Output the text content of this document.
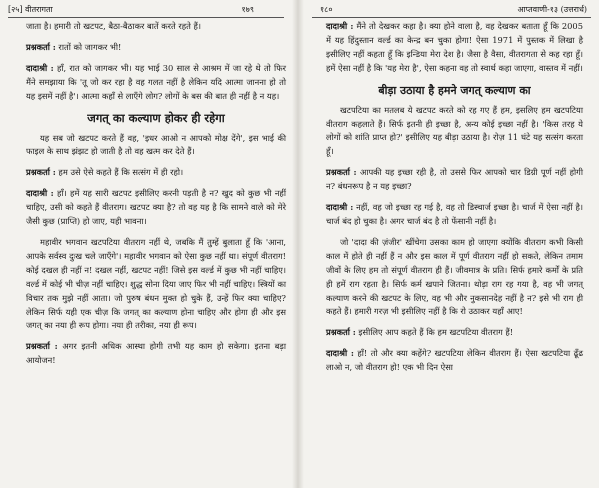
[२५] वीतरागता	१७९

जाता है। हमारी तो खटपट, बैठा-बैठाकर बातें करते रहते हैं।

प्रश्नकर्ता : रातों को जागकर भी!

दादाश्री : हाँ, रात को जागकर भी। यह भाई 30 साल से आश्रम में जा रहे थे तो फिर मैंने समझाया कि 'तू जो कर रहा है वह गलत नहीं है लेकिन यदि आत्मा जानना हो तो यह इसमें नहीं है'। आत्मा कहाँ से लाएँगे लोग? लोगों के बस की बात ही नहीं है न यह।

जगत् का कल्याण होकर ही रहेगा

यह सब जो खटपट करते हैं वह, 'इधर आओ न आपको मोक्ष देंगे', इस भाई की फाइल के साथ झंझट हो जाती है तो वह खत्म कर देते हैं।

प्रश्नकर्ता : हम उसे ऐसे कहते हैं कि सत्संग में ही रहो।

दादाश्री : हाँ। हमें यह सारी खटपट इसीलिए करनी पड़ती है न? खुद को कुछ भी नहीं चाहिए, उसी को कहते हैं वीतराग। खटपट क्या है? तो वह यह है कि सामने वाले को मेरे जैसी कुछ (प्राप्ति) हो जाए, यही भावना।

महावीर भगवान खटपटिया वीतराग नहीं थे, जबकि मैं तुम्हें बुलाता हूँ कि 'आना, आपके सर्वस्व दुःख चले जाएँगे'। महावीर भगवान को ऐसा कुछ नहीं था। संपूर्ण वीतराग! कोई दखल ही नहीं न! दखल नहीं, खटपट नहीं! जिसे इस वर्ल्ड में कुछ भी नहीं चाहिए। वर्ल्ड में कोई भी चीज़ नहीं चाहिए। शुद्ध सोना दिया जाए फिर भी नहीं चाहिए। स्त्रियों का विचार तक मुझे नहीं आता। जो पुरुष बंधन मुक्त हो चुके हैं, उन्हें फिर क्या चाहिए? लेकिन सिर्फ यही एक चीज़ कि जगत् का कल्याण होना चाहिए और होगा ही और इस जगत् का नया ही रूप होगा। नया ही तरीका, नया ही रूप।

प्रश्नकर्ता : अगर इतनी अधिक आस्था होगी तभी यह काम हो सकेगा। इतना बड़ा आयोजन!

१८०	आप्तवाणी-१३ (उत्तरार्ध)

दादाश्री : मैंने तो देखकर कहा है। क्या होने वाला है, वह देखकर बताता हूँ कि 2005 में यह हिंदुस्तान वर्ल्ड का केन्द्र बन चुका होगा! ऐसा 1971 में पुस्तक में लिखा है इसीलिए नहीं कहता हूँ कि इन्डिया मेरा देश है। जैसा है वैसा, वीतरागता से कह रहा हूँ। हमें ऐसा नहीं है कि 'यह मेरा है', ऐसा कहना वह तो स्वार्थ कहा जाएगा, वास्तव में नहीं।

बीड़ा उठाया है हमने जगत् कल्याण का

खटपटिया का मतलब ये खटपट करते को रह गए हैं हम, इसलिए हम खटपटिया वीतराग कहलाते हैं। सिर्फ इतनी ही इच्छा है, अन्य कोई इच्छा नहीं है। 'किस तरह ये लोगों को शांति प्राप्त हो?' इसीलिए यह बीड़ा उठाया है। रोज़ 11 घंटे यह सत्संग करता हूँ।

प्रश्नकर्ता : आपकी यह इच्छा रही है, तो उससे फिर आपको चार डिग्री पूर्ण नहीं होगी न? बंधनरूप है न यह इच्छा?

दादाश्री : नहीं, वह जो इच्छा रह गई है, वह तो डिस्चार्ज इच्छा है। चार्ज में ऐसा नहीं है। चार्ज बंद हो चुका है। अगर चार्ज बंद है तो फेंसानी नहीं है।

जो 'दादा की ज़ंजीर' खींचेगा उसका काम हो जाएगा क्योंकि वीतराग कभी किसी काल में होते ही नहीं हैं न और इस काल में पूर्ण वीतराग नहीं हो सकते, लेकिन तमाम जीवों के लिए हम तो संपूर्ण वीतराग ही हैं। जीवमात्र के प्रति। सिर्फ हमारे कर्मों के प्रति ही हमें राग रहता है। सिर्फ कर्म खपाने जितना। थोड़ा राग रह गया है, वह भी जगत् कल्याण करने की खटपट के लिए, वह भी और नुकसानदेह नहीं है न? इसे भी राग ही कहते हैं। हमारी गरज़ भी इसीलिए नहीं है कि रो उठाकर यहाँ आए!

प्रश्नकर्ता : इसीलिए आप कहते हैं कि हम खटपटिया वीतराग हैं!

दादाश्री : हाँ! तो और क्या कहेंगे? खटपटिया लेकिन वीतराग हैं। ऐसा खटपटिया ढूँढ लाओ न, जो वीतराग हो! एक भी दिन ऐसा
